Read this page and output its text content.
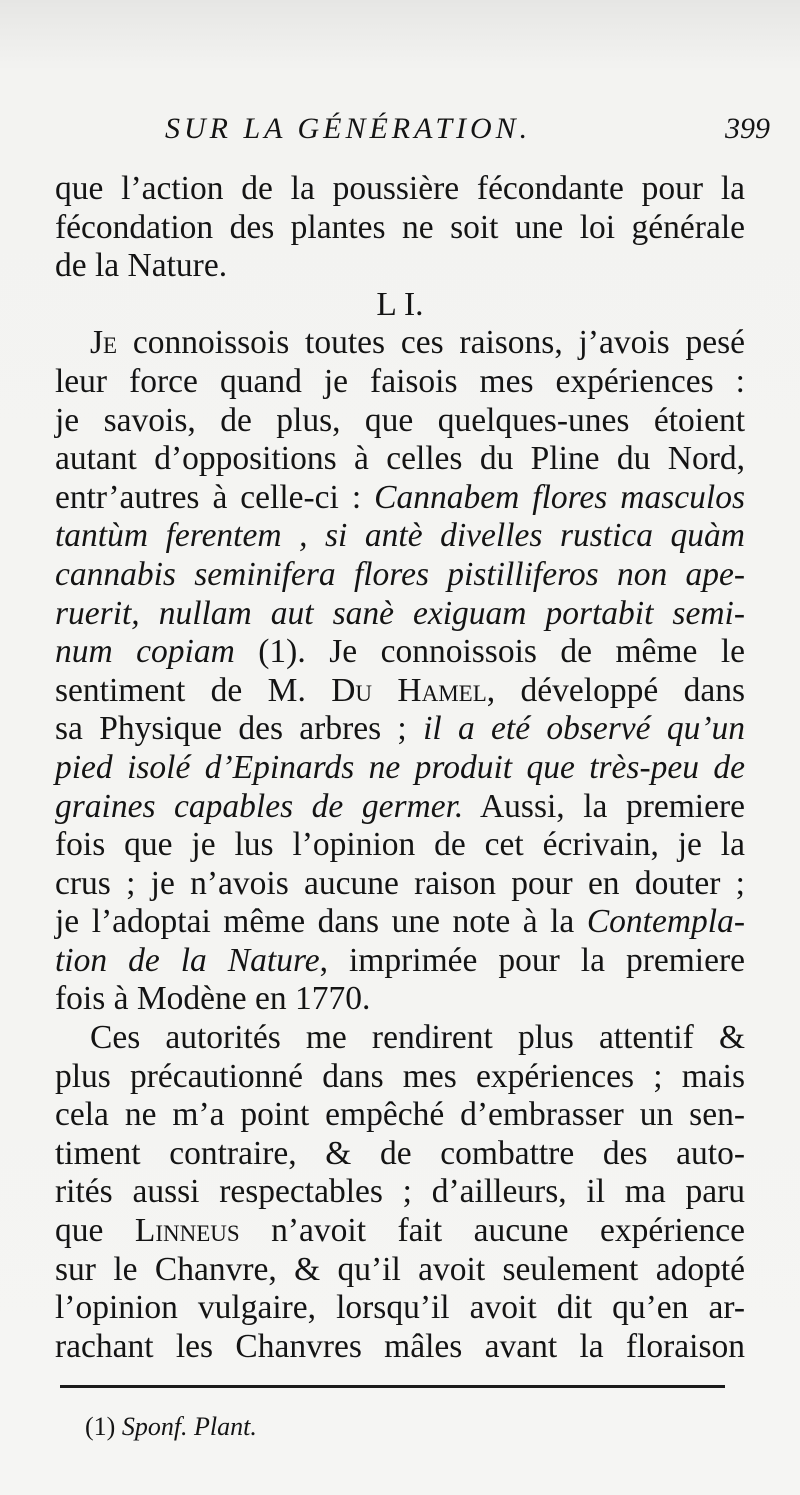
SUR LA GÉNÉRATION.	399
que l’action de la poussière fécondante pour la
fécondation des plantes ne soit une loi générale
de la Nature.
L I.
Je connoissois toutes ces raisons, j’avois pesé
leur force quand je faisois mes expériences :
je savois, de plus, que quelques-unes étoient
autant d’oppositions à celles du Pline du Nord,
entr’autres à celle-ci : Cannabem flores masculos
tantùm ferentem , si antè divelles rustica quàm
cannabis seminifera flores pistilliferos non ape-
ruerit, nullam aut sanè exiguam portabit semi-
num copiam (1). Je connoissois de même le
sentiment de M. Du Hamel, développé dans
sa Physique des arbres ; il a eté observé qu’un
pied isolé d’Epinards ne produit que très-peu de
graines capables de germer. Aussi, la premiere
fois que je lus l’opinion de cet écrivain, je la
crus ; je n’avois aucune raison pour en douter ;
je l’adoptai même dans une note à la Contempla-
tion de la Nature, imprimée pour la premiere
fois à Modène en 1770.
Ces autorités me rendirent plus attentif &
plus précautionné dans mes expériences ; mais
cela ne m’a point empêché d’embrasser un sen-
timent contraire, & de combattre des auto-
rités aussi respectables ; d’ailleurs, il ma paru
que Linneus n’avoit fait aucune expérience
sur le Chanvre, & qu’il avoit seulement adopté
l’opinion vulgaire, lorsqu’il avoit dit qu’en ar-
rachant les Chanvres mâles avant la floraison
(1) Sponf. Plant.
